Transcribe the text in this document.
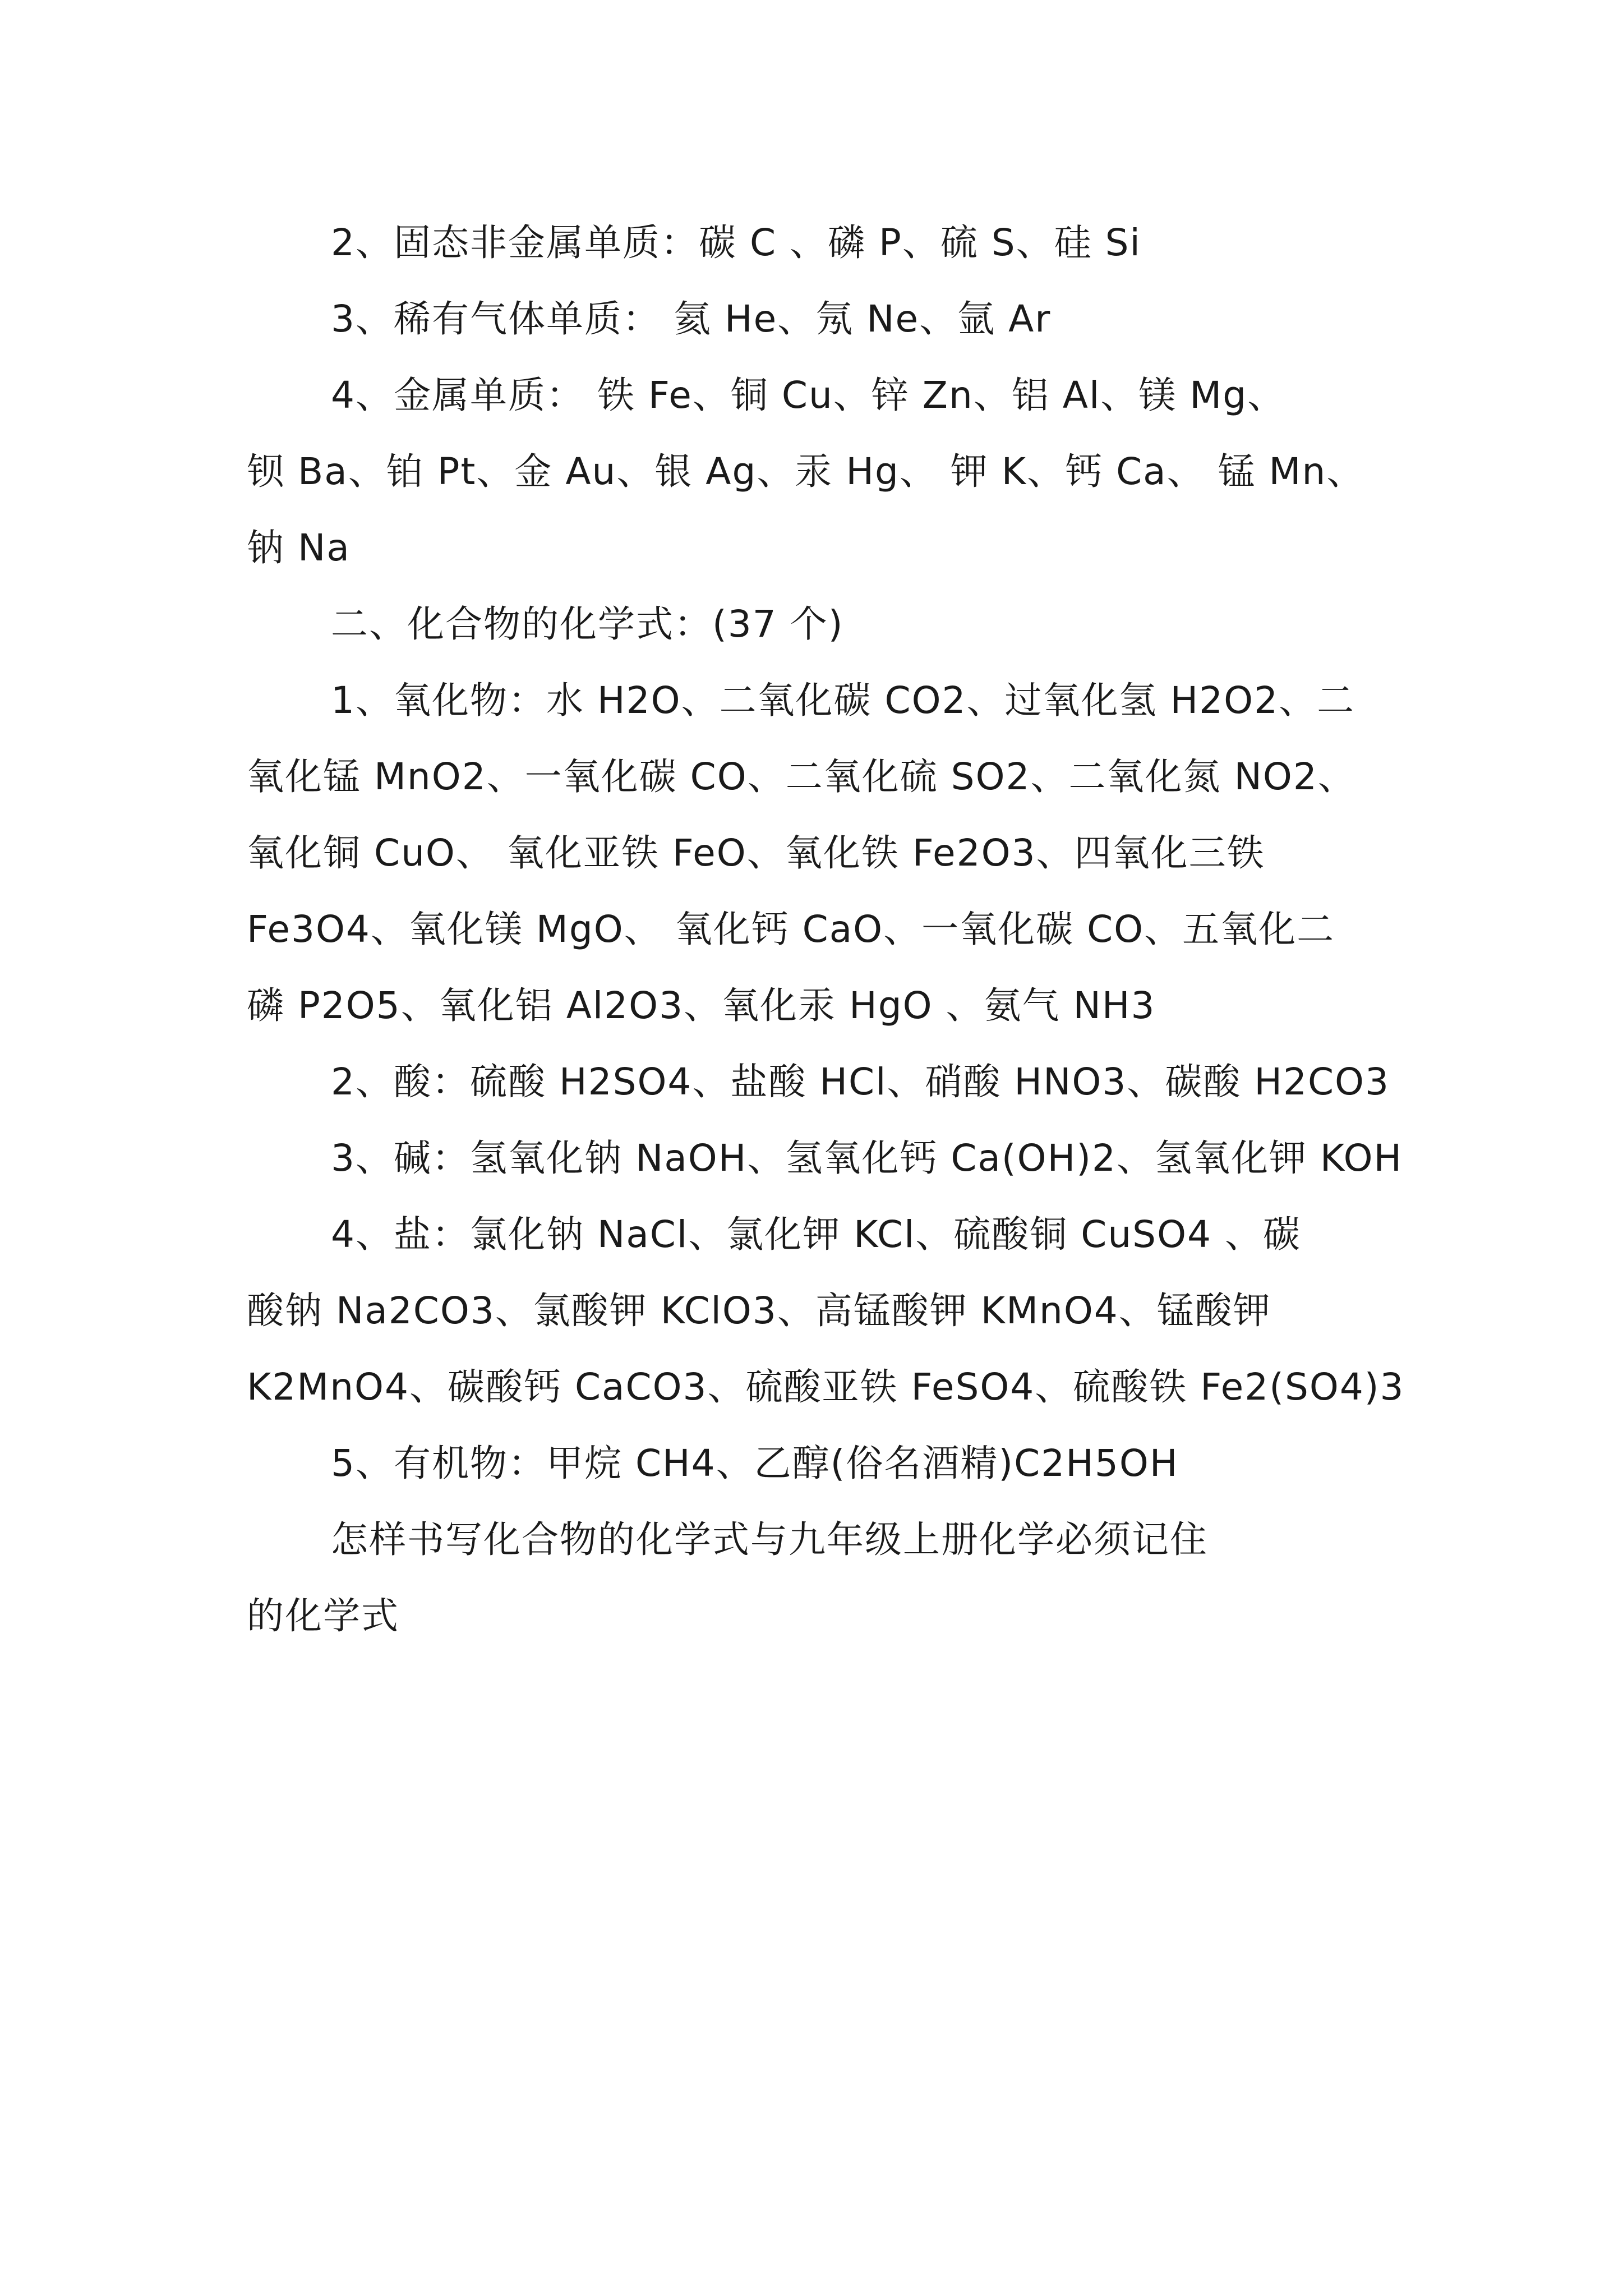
2、固态非金属单质：碳 C 、磷 P、硫 S、硅 Si
3、稀有气体单质： 氦 He、氖 Ne、氩 Ar
4、金属单质： 铁 Fe、铜 Cu、锌 Zn、铝 Al、镁 Mg、
钡 Ba、铂 Pt、金 Au、银 Ag、汞 Hg、 钾 K、钙 Ca、 锰 Mn、
钠 Na
二、化合物的化学式：(37 个)
1、氧化物：水 H2O、二氧化碳 CO2、过氧化氢 H2O2、二
氧化锰 MnO2、一氧化碳 CO、二氧化硫 SO2、二氧化氮 NO2、
氧化铜 CuO、 氧化亚铁 FeO、氧化铁 Fe2O3、四氧化三铁
Fe3O4、氧化镁 MgO、 氧化钙 CaO、一氧化碳 CO、五氧化二
磷 P2O5、氧化铝 Al2O3、氧化汞 HgO 、氨气 NH3
2、酸：硫酸 H2SO4、盐酸 HCl、硝酸 HNO3、碳酸 H2CO3
3、碱：氢氧化钠 NaOH、氢氧化钙 Ca(OH)2、氢氧化钾 KOH
4、盐：氯化钠 NaCl、氯化钾 KCl、硫酸铜 CuSO4 、碳
酸钠 Na2CO3、氯酸钾 KClO3、高锰酸钾 KMnO4、锰酸钾
K2MnO4、碳酸钙 CaCO3、硫酸亚铁 FeSO4、硫酸铁 Fe2(SO4)3
5、有机物：甲烷 CH4、乙醇(俗名酒精)C2H5OH
怎样书写化合物的化学式与九年级上册化学必须记住
的化学式
